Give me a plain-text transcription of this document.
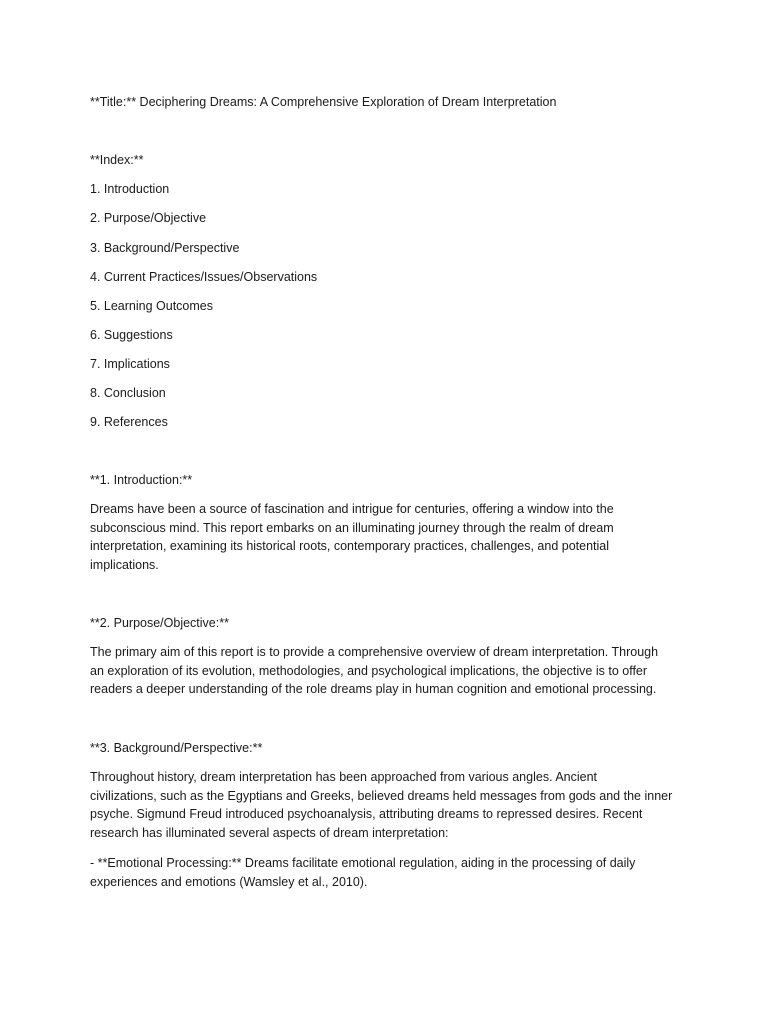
**Title:** Deciphering Dreams: A Comprehensive Exploration of Dream Interpretation
**Index:**
1. Introduction
2. Purpose/Objective
3. Background/Perspective
4. Current Practices/Issues/Observations
5. Learning Outcomes
6. Suggestions
7. Implications
8. Conclusion
9. References
**1. Introduction:**
Dreams have been a source of fascination and intrigue for centuries, offering a window into the
subconscious mind. This report embarks on an illuminating journey through the realm of dream
interpretation, examining its historical roots, contemporary practices, challenges, and potential
implications.
**2. Purpose/Objective:**
The primary aim of this report is to provide a comprehensive overview of dream interpretation. Through
an exploration of its evolution, methodologies, and psychological implications, the objective is to offer
readers a deeper understanding of the role dreams play in human cognition and emotional processing.
**3. Background/Perspective:**
Throughout history, dream interpretation has been approached from various angles. Ancient
civilizations, such as the Egyptians and Greeks, believed dreams held messages from gods and the inner
psyche. Sigmund Freud introduced psychoanalysis, attributing dreams to repressed desires. Recent
research has illuminated several aspects of dream interpretation:
- **Emotional Processing:** Dreams facilitate emotional regulation, aiding in the processing of daily
experiences and emotions (Wamsley et al., 2010).
